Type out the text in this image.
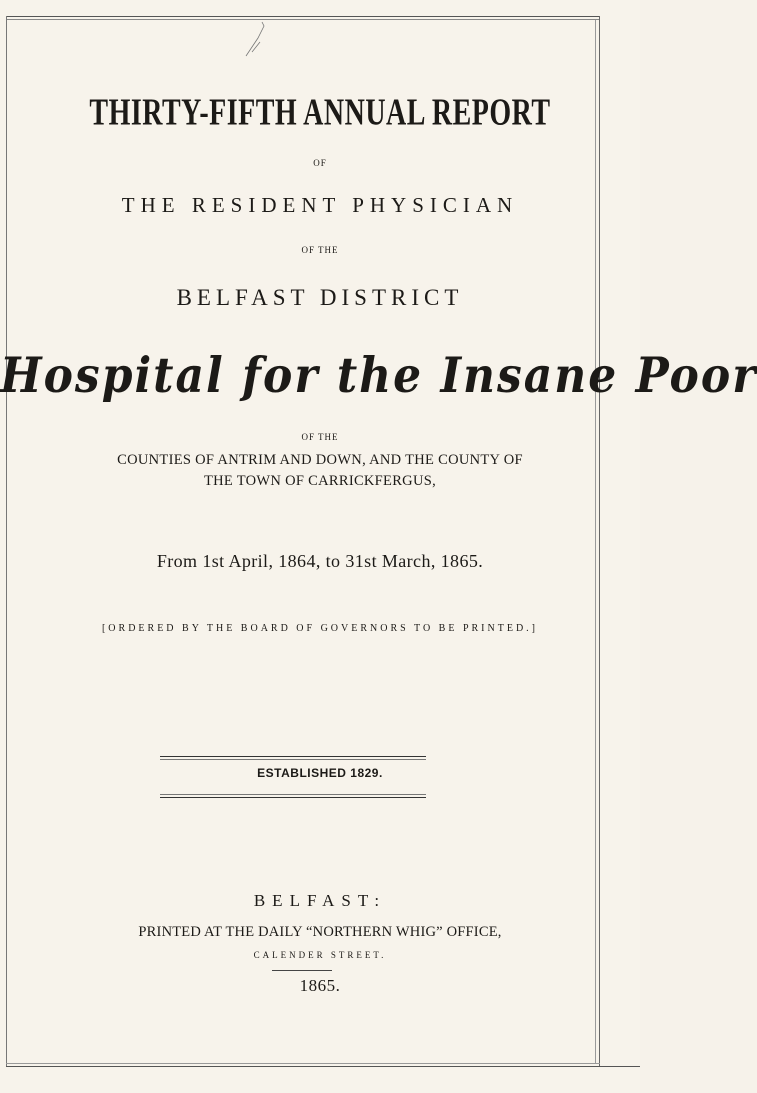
THIRTY-FIFTH ANNUAL REPORT
OF
THE RESIDENT PHYSICIAN
OF THE
BELFAST DISTRICT
Hospital for the Insane Poor
OF THE
COUNTIES OF ANTRIM AND DOWN, AND THE COUNTY OF
THE TOWN OF CARRICKFERGUS,
From 1st April, 1864, to 31st March, 1865.
[ORDERED BY THE BOARD OF GOVERNORS TO BE PRINTED.]
ESTABLISHED 1829.
BELFAST:
PRINTED AT THE DAILY “NORTHERN WHIG” OFFICE,
CALENDER STREET.
1865.
